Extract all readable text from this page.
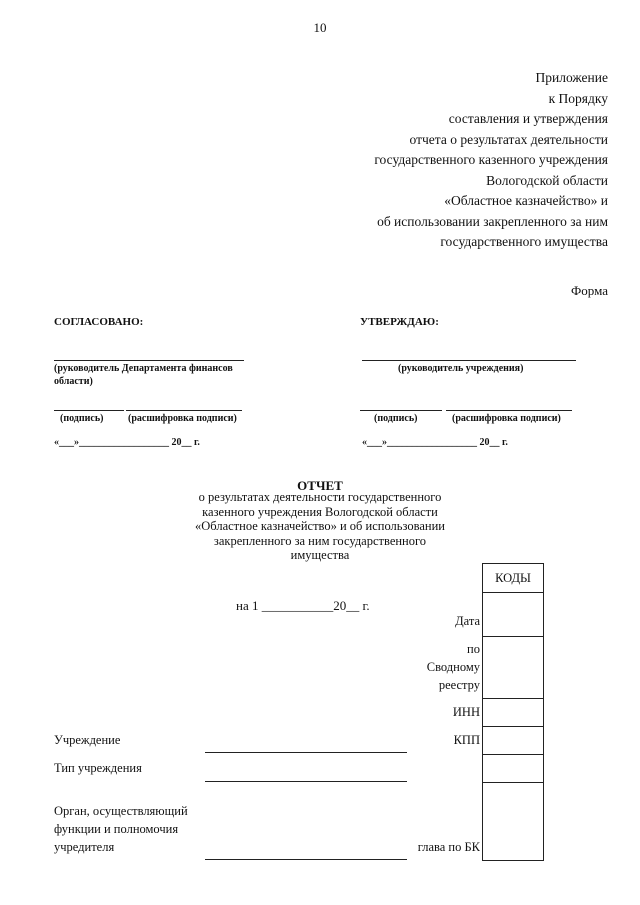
10
Приложение
к Порядку
составления и утверждения
отчета о результатах деятельности
государственного казенного учреждения
Вологодской области
«Областное казначейство» и
об использовании закрепленного за ним
государственного имущества
Форма
СОГЛАСОВАНО:
(руководитель Департамента финансов
области)
(подпись) (расшифровка подписи)
«___»__________________ 20__ г.
УТВЕРЖДАЮ:
(руководитель учреждения)
(подпись)	(расшифровка подписи)
«___»__________________ 20__ г.
ОТЧЕТ
о результатах деятельности государственного
казенного учреждения Вологодской области
«Областное казначейство» и об использовании
закрепленного за ним государственного
имущества
на 1 ___________20__ г.
КОДЫ
Дата
по
Сводному
реестру
ИНН
КПП
глава по БК
Учреждение
Тип учреждения
Орган, осуществляющий
функции и полномочия
учредителя
